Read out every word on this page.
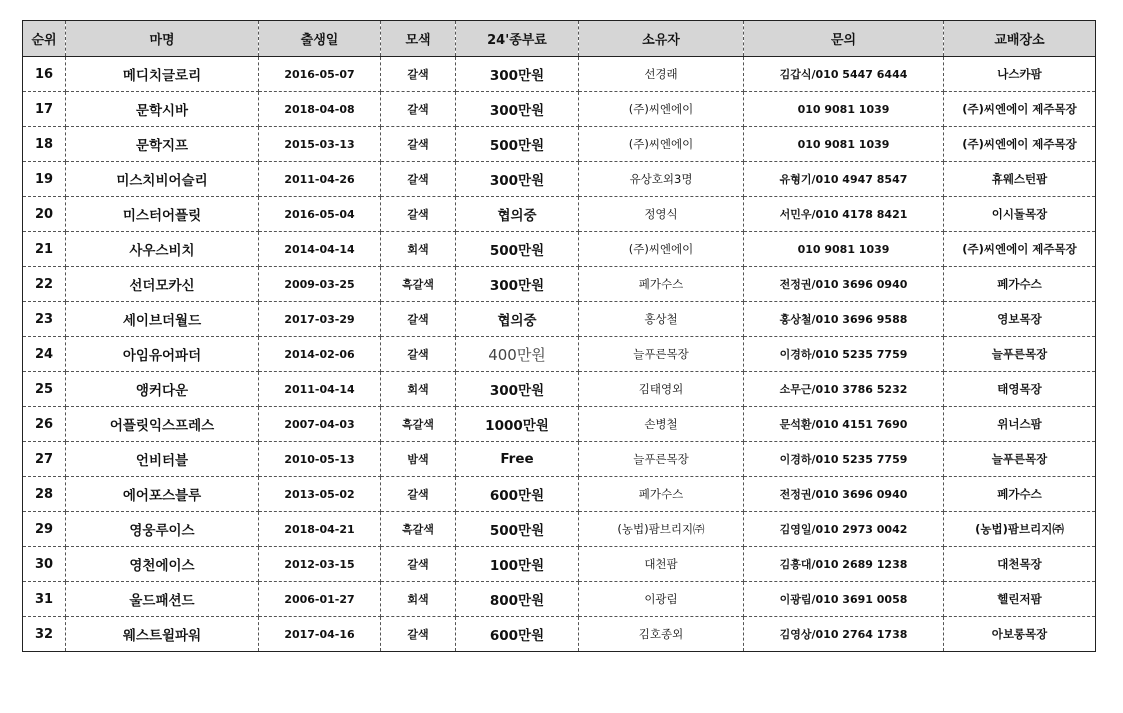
순위	마명	출생일	모색	24'종부료	소유자	문의	교배장소
16	메디치글로리	2016-05-07	갈색	300만원	선경래	김갑식/010 5447 6444	나스카팜
17	문학시바	2018-04-08	갈색	300만원	(주)씨엔에이	010 9081 1039	(주)씨엔에이 제주목장
18	문학지프	2015-03-13	갈색	500만원	(주)씨엔에이	010 9081 1039	(주)씨엔에이 제주목장
19	미스치비어슬리	2011-04-26	갈색	300만원	유상호외3명	유형기/010 4947 8547	휴웨스턴팜
20	미스터어플릿	2016-05-04	갈색	협의중	정영식	서민우/010 4178 8421	이시돌목장
21	사우스비치	2014-04-14	회색	500만원	(주)씨엔에이	010 9081 1039	(주)씨엔에이 제주목장
22	선더모카신	2009-03-25	흑갈색	300만원	페가수스	전정권/010 3696 0940	페가수스
23	세이브더월드	2017-03-29	갈색	협의중	홍상철	홍상철/010 3696 9588	영보목장
24	아임유어파더	2014-02-06	갈색	400만원	늘푸른목장	이경하/010 5235 7759	늘푸른목장
25	앵커다운	2011-04-14	회색	300만원	김태영외	소무근/010 3786 5232	태영목장
26	어플릿익스프레스	2007-04-03	흑갈색	1000만원	손병철	문석환/010 4151 7690	위너스팜
27	언비터블	2010-05-13	밤색	Free	늘푸른목장	이경하/010 5235 7759	늘푸른목장
28	에어포스블루	2013-05-02	갈색	600만원	페가수스	전정권/010 3696 0940	페가수스
29	영웅루이스	2018-04-21	흑갈색	500만원	(농법)팜브리지㈜	김영일/010 2973 0042	(농법)팜브리지㈜
30	영천에이스	2012-03-15	갈색	100만원	대천팜	김흥대/010 2689 1238	대천목장
31	울드패션드	2006-01-27	회색	800만원	이광림	이광림/010 3691 0058	헬린저팜
32	웨스트윌파워	2017-04-16	갈색	600만원	김호종외	김영상/010 2764 1738	아보롱목장
